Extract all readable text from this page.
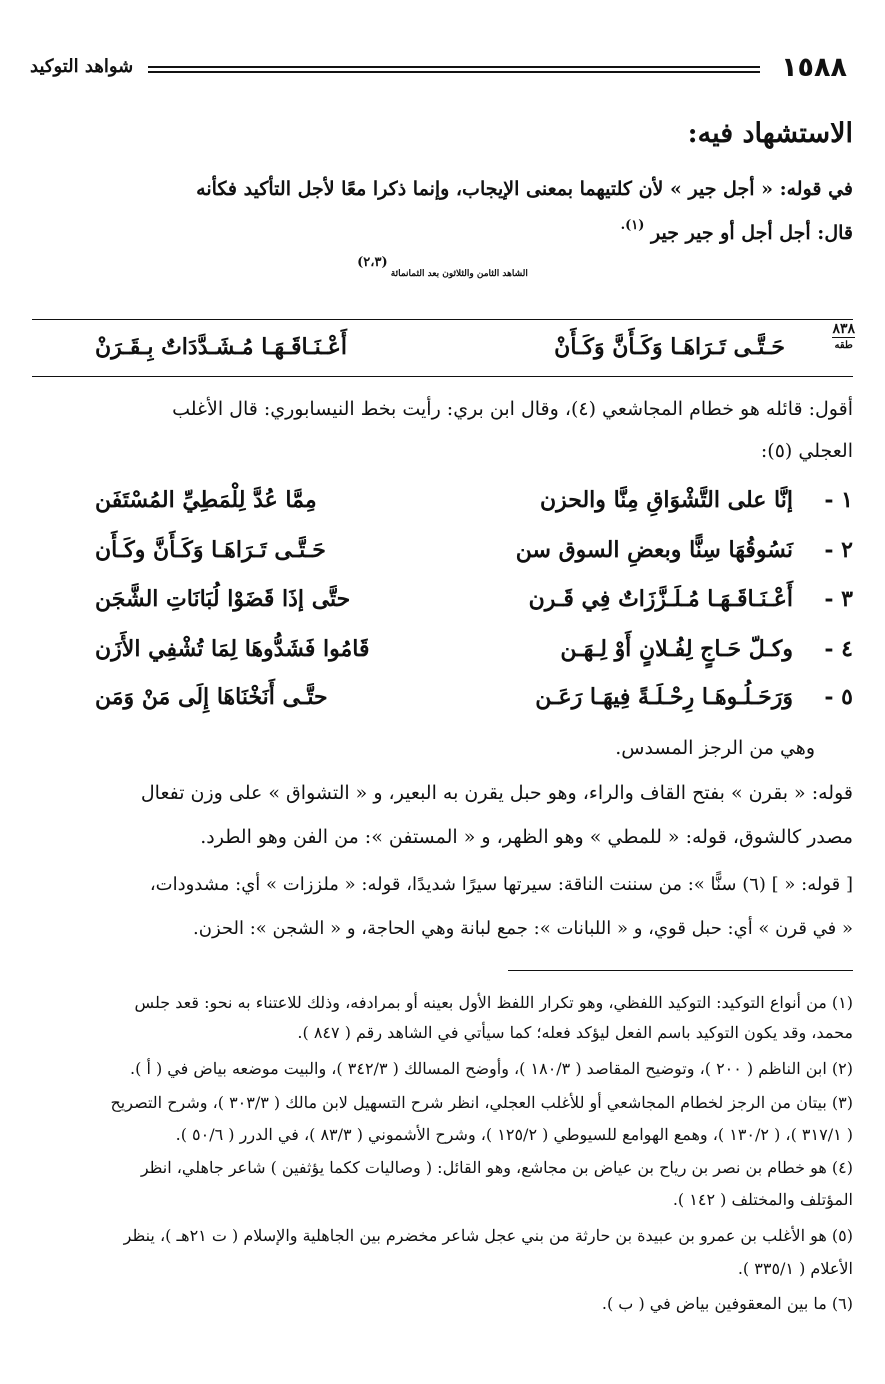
١٥٨٨
شواهد التوكيد
الاستشهاد فيه:
في قوله: « أجل جير » لأن كلتيهما بمعنى الإيجاب، وإنما ذكرا معًا لأجل التأكيد فكأنه
قال: أجل أجل أو جير جير $^{(١).}$
الشاهد الثامن والثلاثون بعد الثمانمائة (٢،٣)
٨٣٨
طقه
حَـتَّـى تَـرَاهَـا وَكَـأَنَّ وَكَـأَنْ
أَعْـنَـاقَـهَـا مُـشَـدَّدَاتٌ بِـقَـرَنْ
أقول: قائله هو خطام المجاشعي (٤)، وقال ابن بري: رأيت بخط النيسابوري: قال الأغلب
العجلي (٥):
١ -
إنَّا على التَّشْوَاقِ مِنَّا والحزن
مِمَّا عُدَّ لِلْمَطِيِّ المُسْتَفَن
٢ -
نَسُوقُهَا سِنًّا وبعضِ السوق سن
حَـتَّـى تَـرَاهَـا وَكَـأَنَّ وكَـأَن
٣ -
أَعْـنَـاقَـهَـا مُـلَـزَّزَاتٌ فِي قَـرن
حتَّى إذَا قَضَوْا لُبَانَاتِ الشَّجَن
٤ -
وكـلّ حَـاجٍ لِفُـلانٍ أَوْ لِـهَـن
قَامُوا فَشَدُّوهَا لِمَا تُشْفِي الأَزَن
٥ -
وَرَحَـلُـوهَـا رِحْـلَـةً فِيهَـا رَعَـن
حتَّـى أَنَخْنَاهَا إِلَى مَنْ وَمَن
وهي من الرجز المسدس.
قوله: « بقرن » بفتح القاف والراء، وهو حبل يقرن به البعير، و « التشواق » على وزن تفعال
مصدر كالشوق، قوله: « للمطي » وهو الظهر، و « المستفن »: من الفن وهو الطرد.
[ قوله: « ] (٦) سنًّا »: من سننت الناقة: سيرتها سيرًا شديدًا، قوله: « ملززات » أي: مشدودات،
« في قرن » أي: حبل قوي، و « اللبانات »: جمع لبانة وهي الحاجة، و « الشجن »: الحزن.
(١) من أنواع التوكيد: التوكيد اللفظي، وهو تكرار اللفظ الأول بعينه أو بمرادفه، وذلك للاعتناء به نحو: قعد جلس
محمد، وقد يكون التوكيد باسم الفعل ليؤكد فعله؛ كما سيأتي في الشاهد رقم ( ٨٤٧ ).
(٢) ابن الناظم ( ٢٠٠ )، وتوضيح المقاصد ( ١٨٠/٣ )، وأوضح المسالك ( ٣٤٢/٣ )، والبيت موضعه بياض في ( أ ).
(٣) بيتان من الرجز لخطام المجاشعي أو للأغلب العجلي، انظر شرح التسهيل لابن مالك ( ٣٠٣/٣ )، وشرح التصريح
( ٣١٧/١ )، ( ١٣٠/٢ )، وهمع الهوامع للسيوطي ( ١٢٥/٢ )، وشرح الأشموني ( ٨٣/٣ )، في الدرر ( ٥٠/٦ ).
(٤) هو خطام بن نصر بن رياح بن عياض بن مجاشع، وهو القائل: ( وصاليات ككما يؤثفين ) شاعر جاهلي، انظر
المؤتلف والمختلف ( ١٤٢ ).
(٥) هو الأغلب بن عمرو بن عبيدة بن حارثة من بني عجل شاعر مخضرم بين الجاهلية والإسلام ( ت ٢١هـ )، ينظر
الأعلام ( ٣٣٥/١ ).
(٦) ما بين المعقوفين بياض في ( ب ).
